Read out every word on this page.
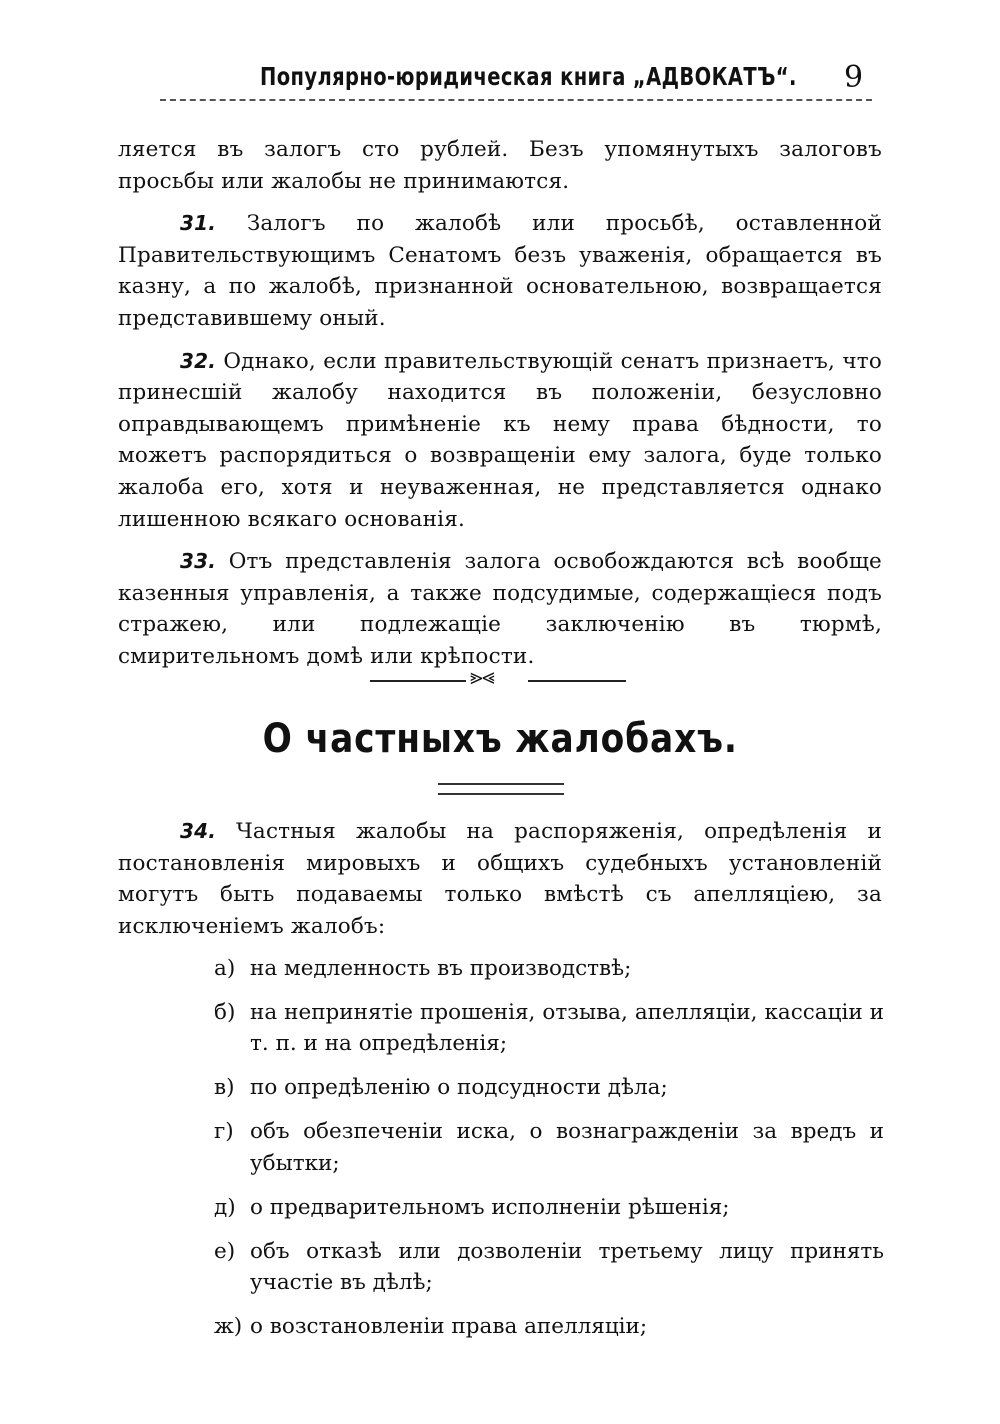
Популярно-юридическая книга „АДВОКАТЪ“. 9

ляется въ залогъ сто рублей. Безъ упомянутыхъ залоговъ просьбы или жалобы не принимаются.

31. Залогъ по жалобѣ или просьбѣ, оставленной Правительствующимъ Сенатомъ безъ уваженія, обращается въ казну, а по жалобѣ, признанной основательною, возвращается представившему оный.

32. Однако, если правительствующій сенатъ признаетъ, что принесшій жалобу находится въ положеніи, безусловно оправдывающемъ примѣненіе къ нему права бѣдности, то можетъ распорядиться о возвращеніи ему залога, буде только жалоба его, хотя и неуваженная, не представляется однако лишенною всякаго основанія.

33. Отъ представленія залога освобождаются всѣ вообще казенныя управленія, а также подсудимые, содержащіеся подъ стражею, или подлежащіе заключенію въ тюрмѣ, смирительномъ домѣ или крѣпости.

⪢⪡
О частныхъ жалобахъ.

34. Частныя жалобы на распоряженія, опредѣленія и постановленія мировыхъ и общихъ судебныхъ установленій могутъ быть подаваемы только вмѣстѣ съ апелляціею, за исключеніемъ жалобъ:

а) на медленность въ производствѣ;
б) на непринятіе прошенія, отзыва, апелляціи, кассаціи и т. п. и на опредѣленія;
в) по опредѣленію о подсудности дѣла;
г) объ обезпеченіи иска, о вознагражденіи за вредъ и убытки;
д) о предварительномъ исполненіи рѣшенія;
е) объ отказѣ или дозволеніи третьему лицу принять участіе въ дѣлѣ;
ж) о возстановленіи права апелляціи;
